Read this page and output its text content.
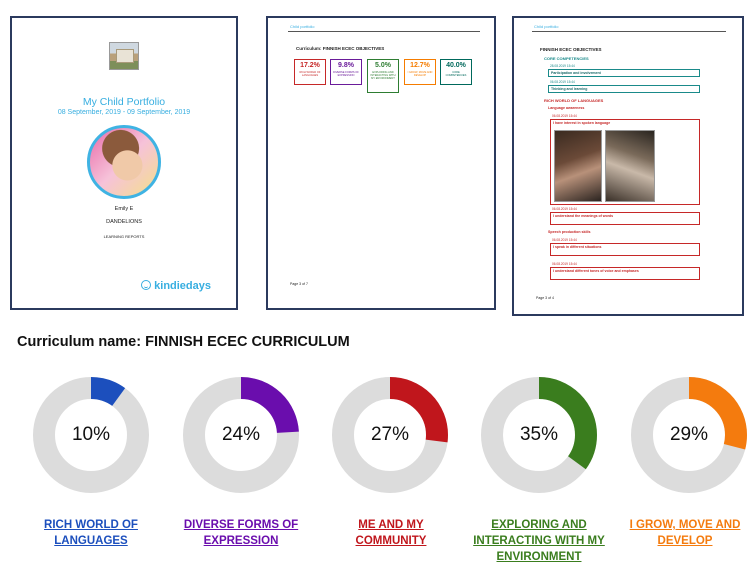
My Child Portfolio
08 September, 2019 - 09 September, 2019
Emily E
DANDELIONS
LEARNING REPORTS
kindiedays
Child portfolio
Curriculum: FINNISH ECEC OBJECTIVES
17.2%
RICH WORLD OF LANGUAGES
9.8%
DIVERSE FORMS OF EXPRESSION
5.0%
EXPLORING AND INTERACTING WITH MY ENVIRONMENT
12.7%
I GROW, MOVE AND DEVELOP
40.0%
CORE COMPETENCIES
Page 3 of 7
Child portfolio
FINNISH ECEC OBJECTIVES
CORE COMPETENCIES
28.08.2019 15:44
Participation and involvement
06.08.2019 15:44
Thinking and learning
RICH WORLD OF LANGUAGES
Language awareness
06.08.2019 15:44
I have interest in spoken language
06.08.2019 15:44
I understand the meanings of words
Speech production skills
06.08.2019 15:44
I speak in different situations
06.08.2019 15:44
I understand different tones of voice and emphases
Page 3 of 4
Curriculum name: FINNISH ECEC CURRICULUM
10%	24%	27%	35%	29%
RICH WORLD OF
LANGUAGES
DIVERSE FORMS OF
EXPRESSION
ME AND MY
COMMUNITY
EXPLORING AND
INTERACTING WITH MY
ENVIRONMENT
I GROW, MOVE AND
DEVELOP
